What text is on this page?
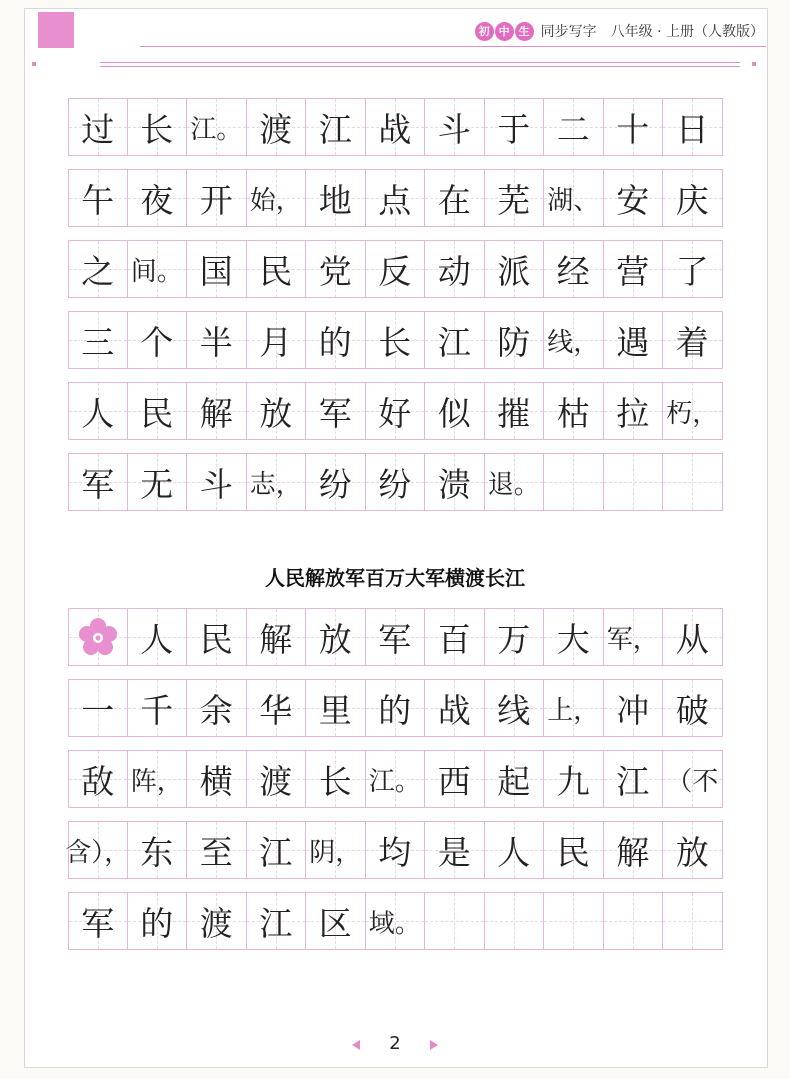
初 中 生 同步写字 八年级 · 上册（人教版）
过 长 江。 渡 江 战 斗 于 二 十 日
午 夜 开 始， 地 点 在 芜 湖、 安 庆
之 间。 国 民 党 反 动 派 经 营 了
三 个 半 月 的 长 江 防 线， 遇 着
人 民 解 放 军 好 似 摧 枯 拉 朽，
军 无 斗 志， 纷 纷 溃 退。
人民解放军百万大军横渡长江
人 民 解 放 军 百 万 大 军， 从
一 千 余 华 里 的 战 线 上， 冲 破
敌 阵， 横 渡 长 江。 西 起 九 江 （不
含）， 东 至 江 阴， 均 是 人 民 解 放
军 的 渡 江 区 域。
2
